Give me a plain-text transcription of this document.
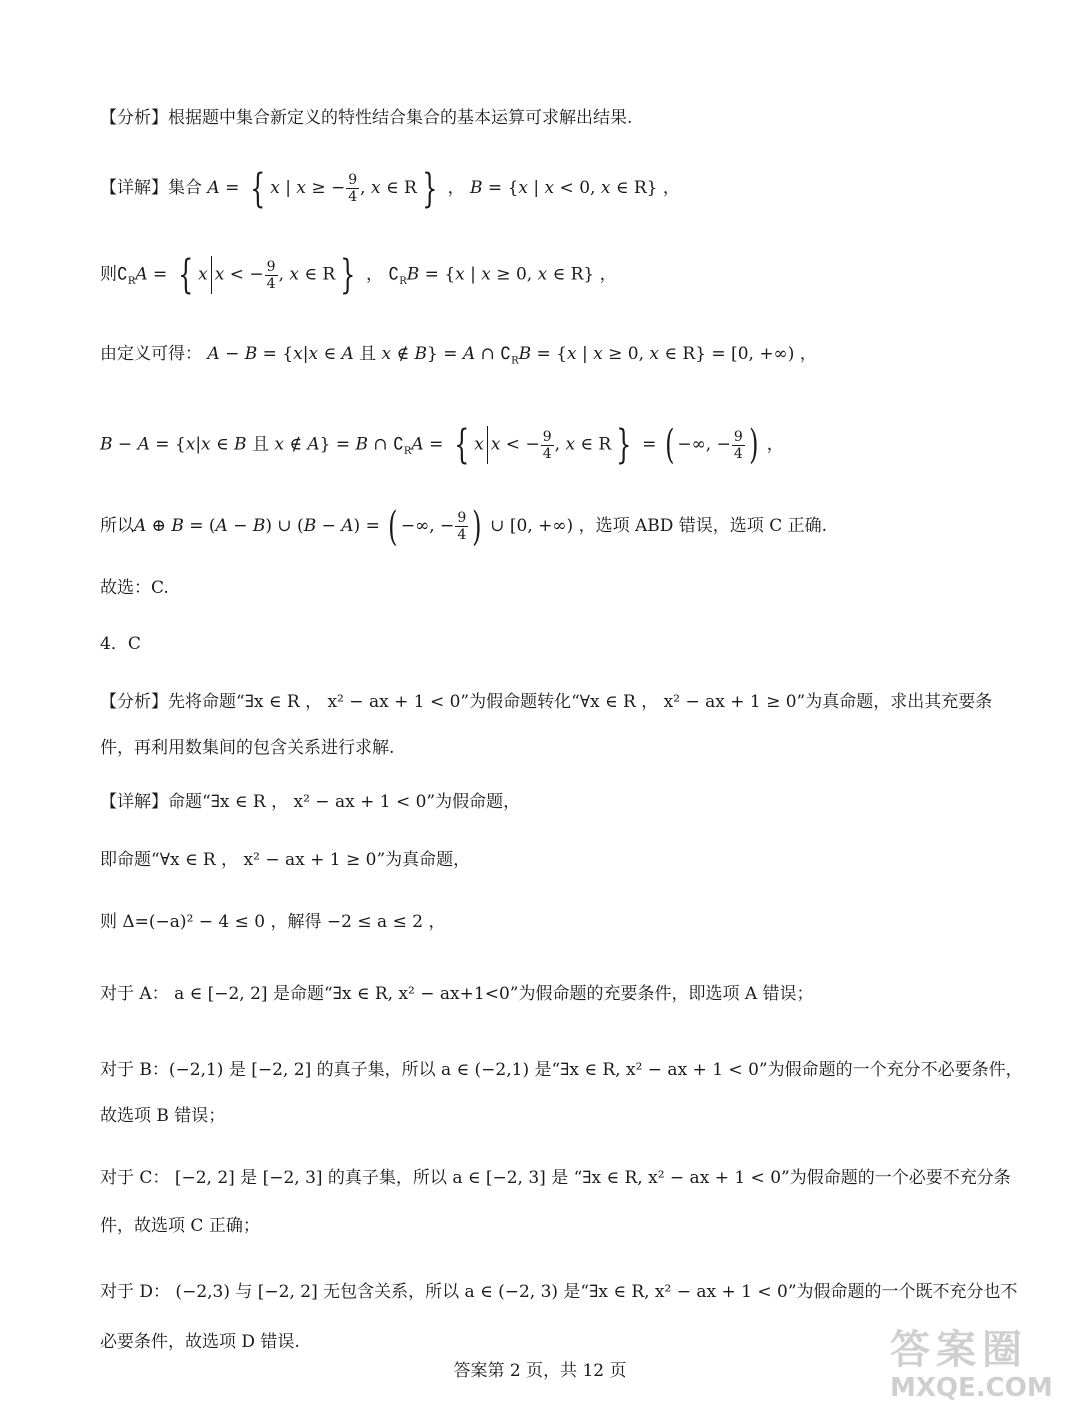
【分析】根据题中集合新定义的特性结合集合的基本运算可求解出结果.
【详解】集合 A = { x | x ≥ − $\frac{9}{4}$ , x ∈ R } ， B = {x | x < 0, x ∈ R} ，
则$∁_RA$ = { x x < − $\frac{9}{4}$ , x ∈ R } ， $∁_RB = \{x$ | x ≥ 0, x ∈ R} ，
由定义可得： A − B = {x|x ∈ A 且 x ∉ B} = A ∩ $∁_RB = \{x$ | x ≥ 0, x ∈ R} = [0, +∞) ，
B − A = {x|x ∈ B 且 x ∉ A} = B ∩ $∁_RA$ = { x x < − $\frac{9}{4}$ , x ∈ R } = ( −∞, − $\frac{9}{4}$ ) ，
所以A ⊕ B = (A − B) ∪ (B − A) = ( −∞, − $\frac{9}{4}$ ) ∪ [0, +∞) ，选项 ABD 错误，选项 C 正确.
故选：C.
4．C
【分析】先将命题“∃x ∈ R ， x² − ax + 1 < 0”为假命题转化“∀x ∈ R ， x² − ax + 1 ≥ 0”为真命题，求出其充要条
件，再利用数集间的包含关系进行求解.
【详解】命题“∃x ∈ R ， x² − ax + 1 < 0”为假命题，
即命题“∀x ∈ R ， x² − ax + 1 ≥ 0”为真命题，
则 Δ=(−a)² − 4 ≤ 0 ，解得 −2 ≤ a ≤ 2 ，
对于 A： a ∈ [−2, 2] 是命题“∃x ∈ R, x² − ax+1<0”为假命题的充要条件，即选项 A 错误；
对于 B：(−2,1) 是 [−2, 2] 的真子集，所以 a ∈ (−2,1) 是“∃x ∈ R, x² − ax + 1 < 0”为假命题的一个充分不必要条件，
故选项 B 错误；
对于 C： [−2, 2] 是 [−2, 3] 的真子集，所以 a ∈ [−2, 3] 是 “∃x ∈ R, x² − ax + 1 < 0”为假命题的一个必要不充分条
件，故选项 C 正确；
对于 D： (−2,3) 与 [−2, 2] 无包含关系，所以 a ∈ (−2, 3) 是“∃x ∈ R, x² − ax + 1 < 0”为假命题的一个既不充分也不
必要条件，故选项 D 错误.
答案第 2 页，共 12 页	答案圈
MXQE.COM
